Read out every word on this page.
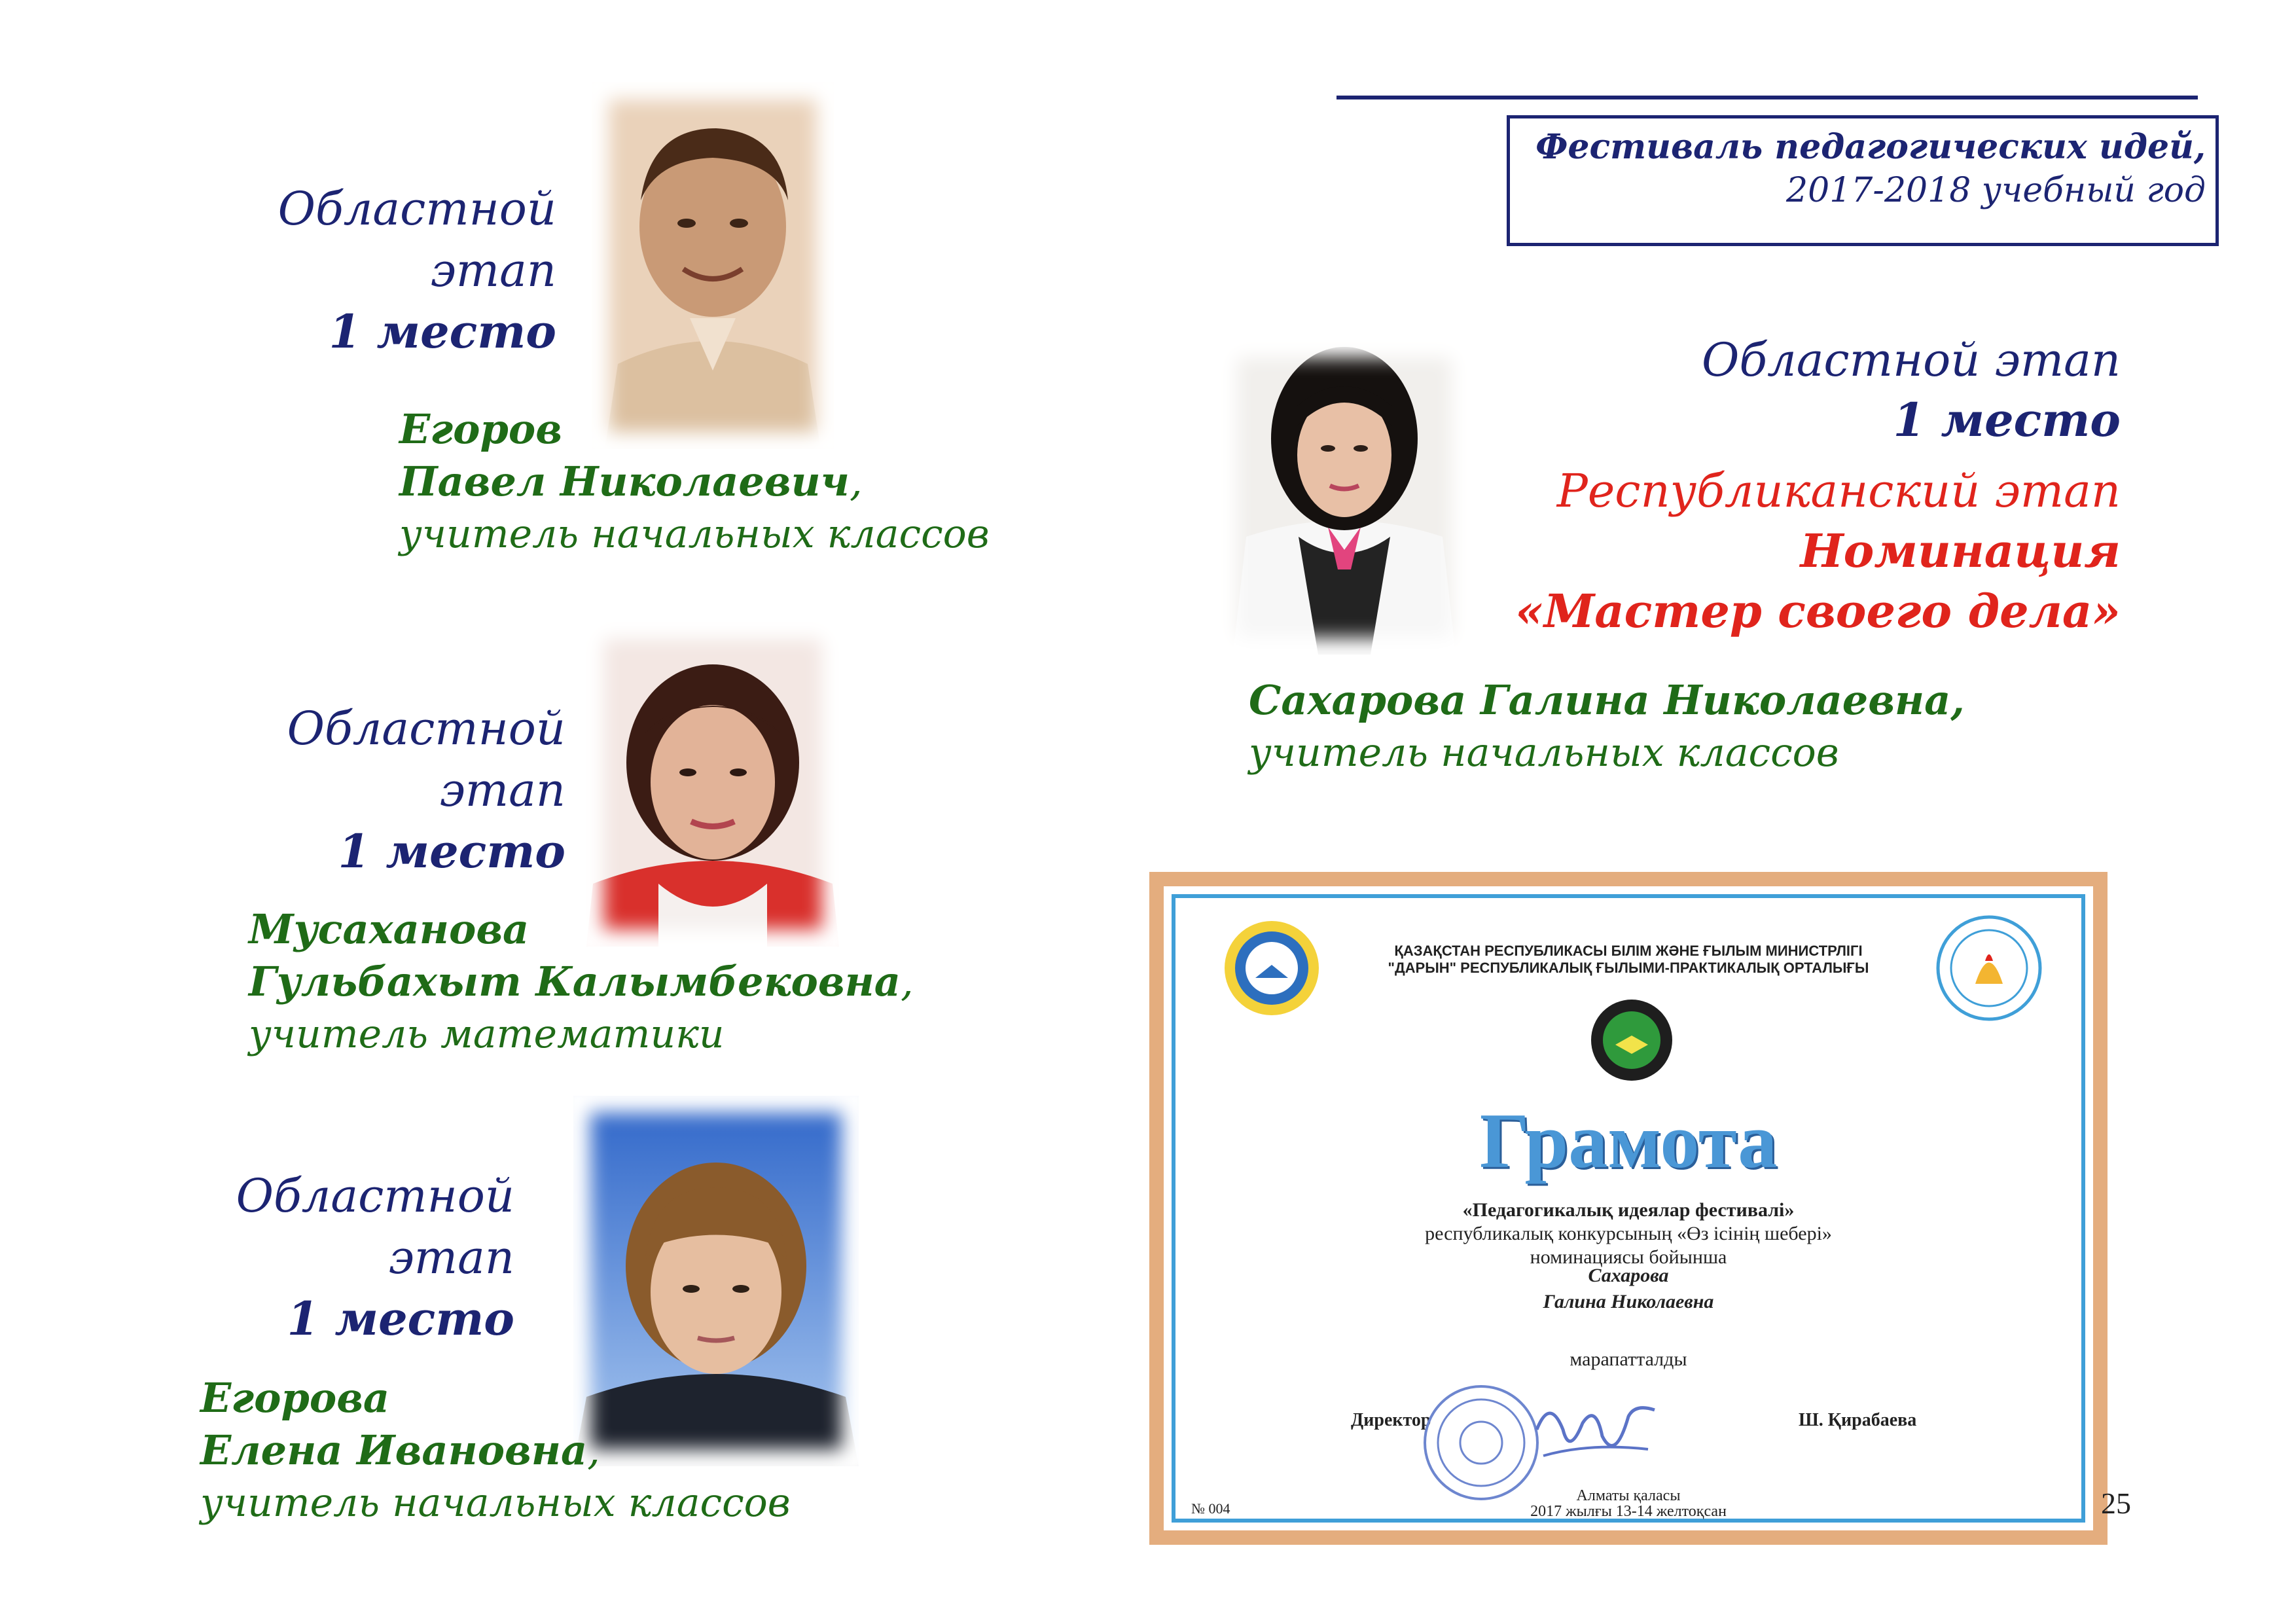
Фестиваль педагогических идей,
2017-2018 учебный год
Областной
этап
1 место
Егоров
Павел Николаевич,
учитель начальных классов
Областной
этап
1 место
Мусаханова
Гульбахыт Калымбековна,
учитель математики
Областной
этап
1 место
Егорова
Елена Ивановна,
учитель начальных классов
Областной этап
1 место
Республиканский этап
Номинация
«Мастер своего дела»
Сахарова Галина Николаевна,
учитель начальных классов
ҚАЗАҚСТАН РЕСПУБЛИКАСЫ БІЛІМ ЖӘНЕ ҒЫЛЫМ МИНИСТРЛІГІ
"ДАРЫН" РЕСПУБЛИКАЛЫҚ ҒЫЛЫМИ-ПРАКТИКАЛЫҚ ОРТАЛЫҒЫ
Грамота
«Педагогикалық идеялар фестивалі»
республикалық конкурсының «Өз ісінің шебері»
номинациясы бойынша
Сахарова
Галина Николаевна
марапатталды
Директор	Ш. Қирабаева
№ 004
Алматы қаласы
2017 жылғы 13-14 желтоқсан	25
